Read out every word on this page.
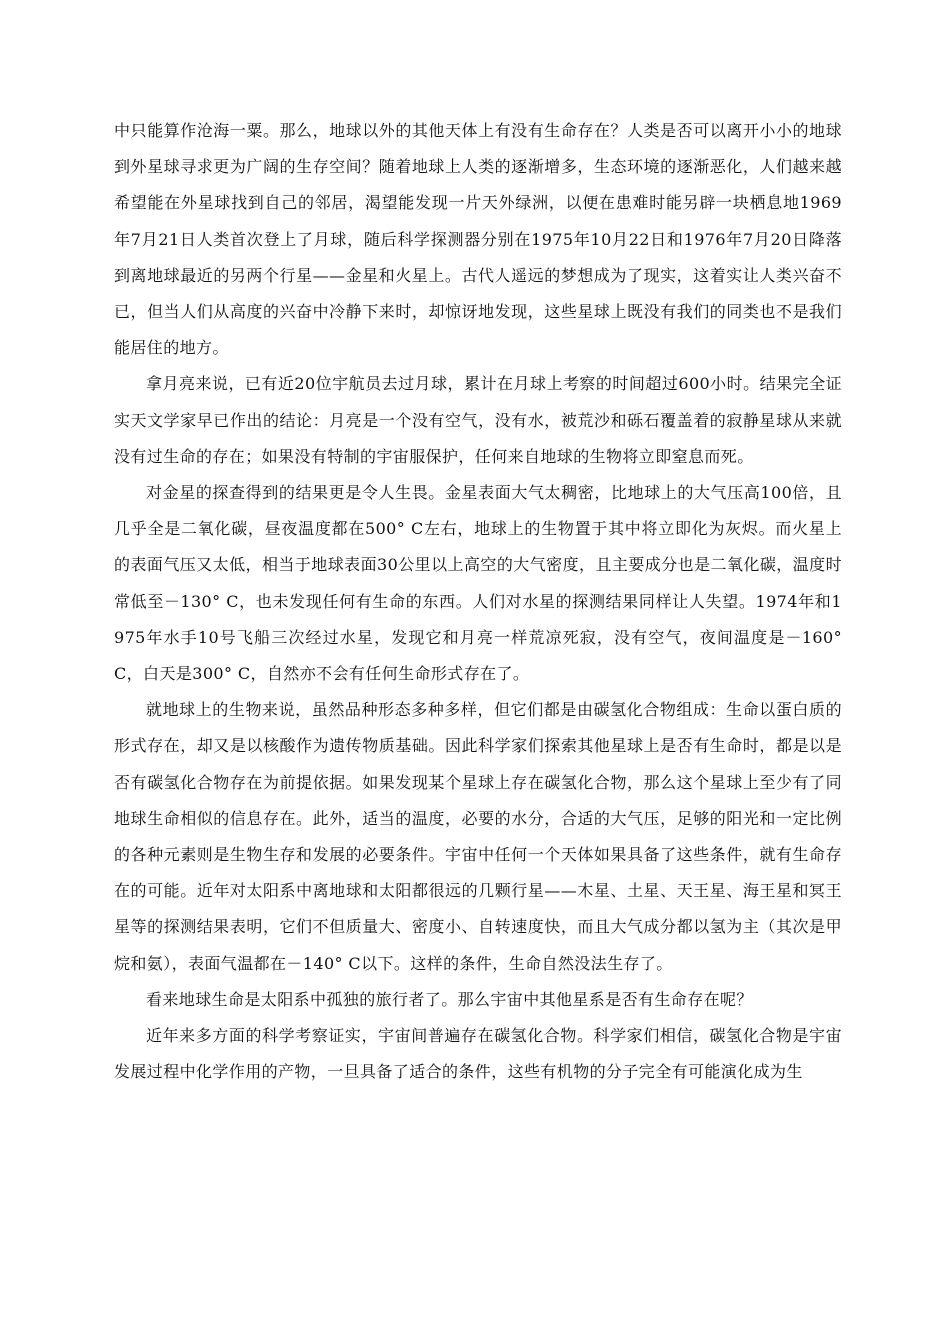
中只能算作沧海一粟。那么，地球以外的其他天体上有没有生命存在？人类是否可以离开小小的地球到外星球寻求更为广阔的生存空间？随着地球上人类的逐渐增多，生态环境的逐渐恶化，人们越来越希望能在外星球找到自己的邻居，渴望能发现一片天外绿洲，以便在患难时能另辟一块栖息地1969年7月21日人类首次登上了月球，随后科学探测器分别在1975年10月22日和1976年7月20日降落到离地球最近的另两个行星——金星和火星上。古代人遥远的梦想成为了现实，这着实让人类兴奋不已，但当人们从高度的兴奋中冷静下来时，却惊讶地发现，这些星球上既没有我们的同类也不是我们能居住的地方。

拿月亮来说，已有近20位宇航员去过月球，累计在月球上考察的时间超过600小时。结果完全证实天文学家早已作出的结论：月亮是一个没有空气，没有水，被荒沙和砾石覆盖着的寂静星球从来就没有过生命的存在；如果没有特制的宇宙服保护，任何来自地球的生物将立即窒息而死。

对金星的探查得到的结果更是令人生畏。金星表面大气太稠密，比地球上的大气压高100倍，且几乎全是二氧化碳，昼夜温度都在500° C左右，地球上的生物置于其中将立即化为灰烬。而火星上的表面气压又太低，相当于地球表面30公里以上高空的大气密度，且主要成分也是二氧化碳，温度时常低至－130° C，也未发现任何有生命的东西。人们对水星的探测结果同样让人失望。1974年和1975年水手10号飞船三次经过水星，发现它和月亮一样荒凉死寂，没有空气，夜间温度是－160° C，白天是300° C，自然亦不会有任何生命形式存在了。

就地球上的生物来说，虽然品种形态多种多样，但它们都是由碳氢化合物组成：生命以蛋白质的形式存在，却又是以核酸作为遗传物质基础。因此科学家们探索其他星球上是否有生命时，都是以是否有碳氢化合物存在为前提依据。如果发现某个星球上存在碳氢化合物，那么这个星球上至少有了同地球生命相似的信息存在。此外，适当的温度，必要的水分，合适的大气压，足够的阳光和一定比例的各种元素则是生物生存和发展的必要条件。宇宙中任何一个天体如果具备了这些条件，就有生命存在的可能。近年对太阳系中离地球和太阳都很远的几颗行星——木星、土星、天王星、海王星和冥王星等的探测结果表明，它们不但质量大、密度小、自转速度快，而且大气成分都以氢为主（其次是甲烷和氨），表面气温都在－140° C以下。这样的条件，生命自然没法生存了。

看来地球生命是太阳系中孤独的旅行者了。那么宇宙中其他星系是否有生命存在呢？

近年来多方面的科学考察证实，宇宙间普遍存在碳氢化合物。科学家们相信，碳氢化合物是宇宙发展过程中化学作用的产物，一旦具备了适合的条件，这些有机物的分子完全有可能演化成为生
